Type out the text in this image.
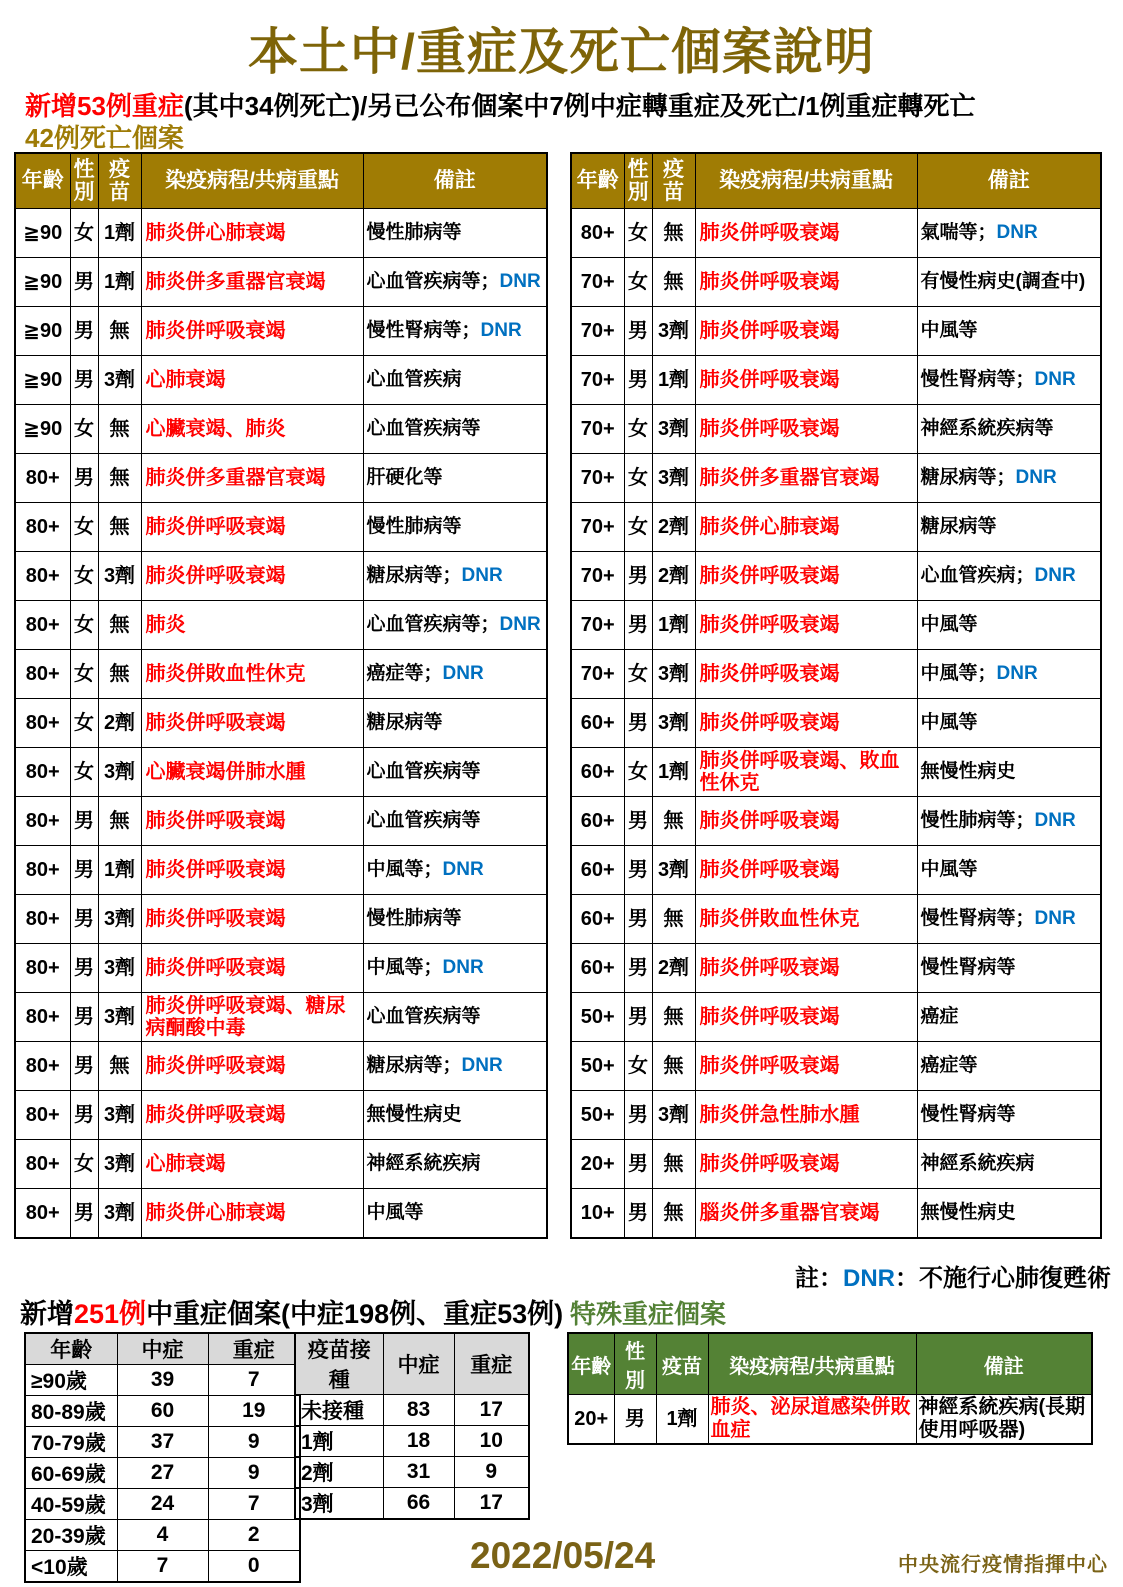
本土中/重症及死亡個案說明
新增53例重症(其中34例死亡)/另已公布個案中7例中症轉重症及死亡/1例重症轉死亡
42例死亡個案
年齡	性別	疫苗	染疫病程/共病重點	備註
≧90	女	1劑	肺炎併心肺衰竭	慢性肺病等
≧90	男	1劑	肺炎併多重器官衰竭	心血管疾病等；DNR
≧90	男	無	肺炎併呼吸衰竭	慢性腎病等；DNR
≧90	男	3劑	心肺衰竭	心血管疾病
≧90	女	無	心臟衰竭、肺炎	心血管疾病等
80+	男	無	肺炎併多重器官衰竭	肝硬化等
80+	女	無	肺炎併呼吸衰竭	慢性肺病等
80+	女	3劑	肺炎併呼吸衰竭	糖尿病等；DNR
80+	女	無	肺炎	心血管疾病等；DNR
80+	女	無	肺炎併敗血性休克	癌症等；DNR
80+	女	2劑	肺炎併呼吸衰竭	糖尿病等
80+	女	3劑	心臟衰竭併肺水腫	心血管疾病等
80+	男	無	肺炎併呼吸衰竭	心血管疾病等
80+	男	1劑	肺炎併呼吸衰竭	中風等；DNR
80+	男	3劑	肺炎併呼吸衰竭	慢性肺病等
80+	男	3劑	肺炎併呼吸衰竭	中風等；DNR
80+	男	3劑	肺炎併呼吸衰竭、糖尿病酮酸中毒	心血管疾病等
80+	男	無	肺炎併呼吸衰竭	糖尿病等；DNR
80+	男	3劑	肺炎併呼吸衰竭	無慢性病史
80+	女	3劑	心肺衰竭	神經系統疾病
80+	男	3劑	肺炎併心肺衰竭	中風等
年齡	性別	疫苗	染疫病程/共病重點	備註
80+	女	無	肺炎併呼吸衰竭	氣喘等；DNR
70+	女	無	肺炎併呼吸衰竭	有慢性病史(調查中)
70+	男	3劑	肺炎併呼吸衰竭	中風等
70+	男	1劑	肺炎併呼吸衰竭	慢性腎病等；DNR
70+	女	3劑	肺炎併呼吸衰竭	神經系統疾病等
70+	女	3劑	肺炎併多重器官衰竭	糖尿病等；DNR
70+	女	2劑	肺炎併心肺衰竭	糖尿病等
70+	男	2劑	肺炎併呼吸衰竭	心血管疾病；DNR
70+	男	1劑	肺炎併呼吸衰竭	中風等
70+	女	3劑	肺炎併呼吸衰竭	中風等；DNR
60+	男	3劑	肺炎併呼吸衰竭	中風等
60+	女	1劑	肺炎併呼吸衰竭、敗血性休克	無慢性病史
60+	男	無	肺炎併呼吸衰竭	慢性肺病等；DNR
60+	男	3劑	肺炎併呼吸衰竭	中風等
60+	男	無	肺炎併敗血性休克	慢性腎病等；DNR
60+	男	2劑	肺炎併呼吸衰竭	慢性腎病等
50+	男	無	肺炎併呼吸衰竭	癌症
50+	女	無	肺炎併呼吸衰竭	癌症等
50+	男	3劑	肺炎併急性肺水腫	慢性腎病等
20+	男	無	肺炎併呼吸衰竭	神經系統疾病
10+	男	無	腦炎併多重器官衰竭	無慢性病史
註：DNR：不施行心肺復甦術
新增251例中重症個案(中症198例、重症53例)
年齡	中症	重症
≥90歲	39	7
80-89歲	60	19
70-79歲	37	9
60-69歲	27	9
40-59歲	24	7
20-39歲	4	2
<10歲	7	0
疫苗接種	中症	重症
未接種	83	17
1劑	18	10
2劑	31	9
3劑	66	17
特殊重症個案
年齡	性別	疫苗	染疫病程/共病重點	備註
20+	男	1劑	肺炎、泌尿道感染併敗血症	神經系統疾病(長期使用呼吸器)
2022/05/24	中央流行疫情指揮中心
